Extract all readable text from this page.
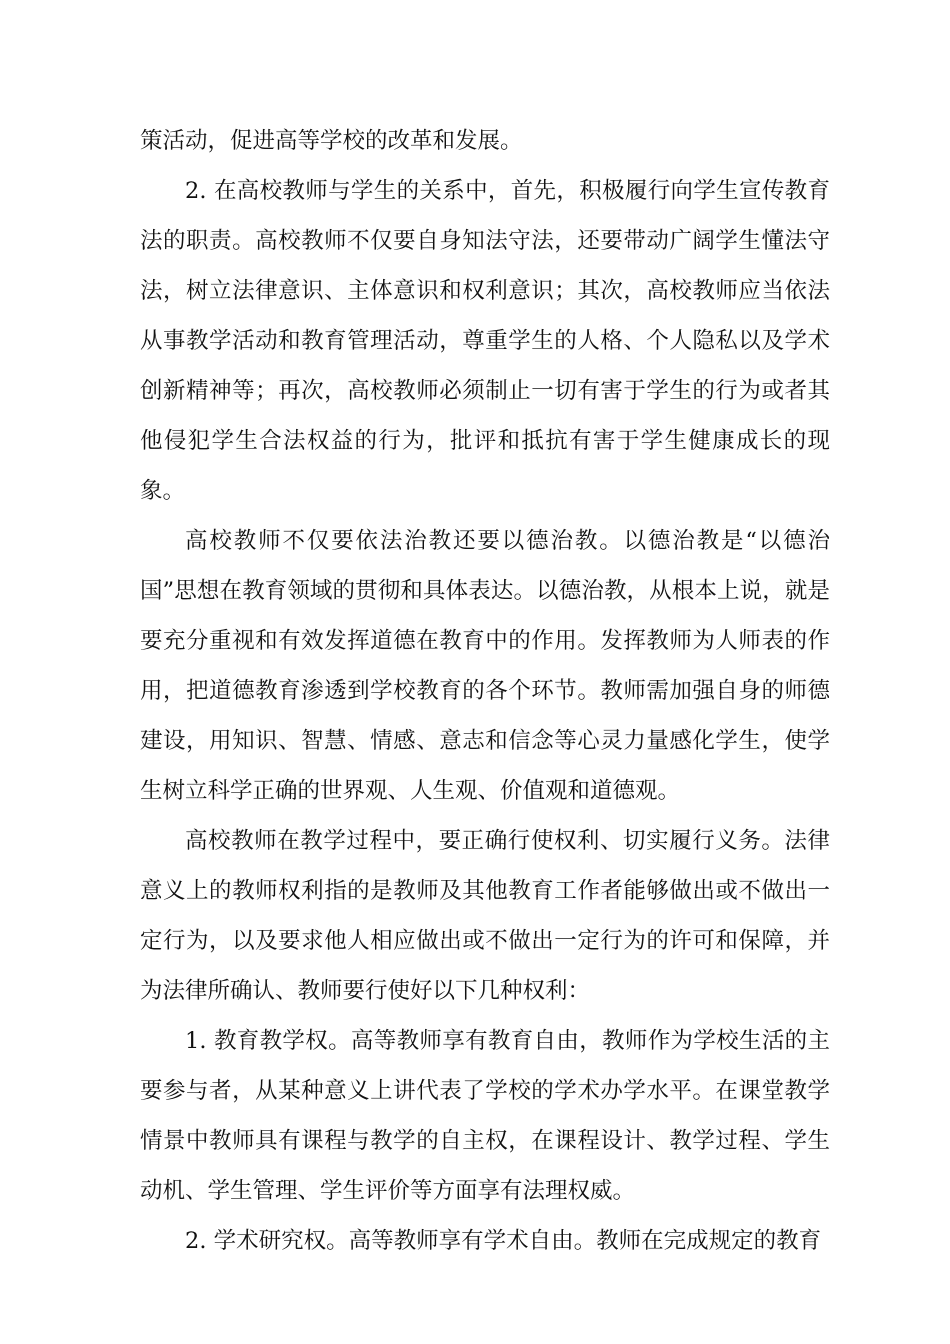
策活动，促进高等学校的改革和发展。

2. 在高校教师与学生的关系中，首先，积极履行向学生宣传教育法的职责。高校教师不仅要自身知法守法，还要带动广阔学生懂法守法，树立法律意识、主体意识和权利意识；其次，高校教师应当依法从事教学活动和教育管理活动，尊重学生的人格、个人隐私以及学术创新精神等；再次，高校教师必须制止一切有害于学生的行为或者其他侵犯学生合法权益的行为，批评和抵抗有害于学生健康成长的现象。

高校教师不仅要依法治教还要以德治教。以德治教是“以德治国”思想在教育领域的贯彻和具体表达。以德治教，从根本上说，就是要充分重视和有效发挥道德在教育中的作用。发挥教师为人师表的作用，把道德教育渗透到学校教育的各个环节。教师需加强自身的师德建设，用知识、智慧、情感、意志和信念等心灵力量感化学生，使学生树立科学正确的世界观、人生观、价值观和道德观。

高校教师在教学过程中，要正确行使权利、切实履行义务。法律意义上的教师权利指的是教师及其他教育工作者能够做出或不做出一定行为，以及要求他人相应做出或不做出一定行为的许可和保障，并为法律所确认、教师要行使好以下几种权利：

1. 教育教学权。高等教师享有教育自由，教师作为学校生活的主要参与者，从某种意义上讲代表了学校的学术办学水平。在课堂教学情景中教师具有课程与教学的自主权，在课程设计、教学过程、学生动机、学生管理、学生评价等方面享有法理权威。

2. 学术研究权。高等教师享有学术自由。教师在完成规定的教育
